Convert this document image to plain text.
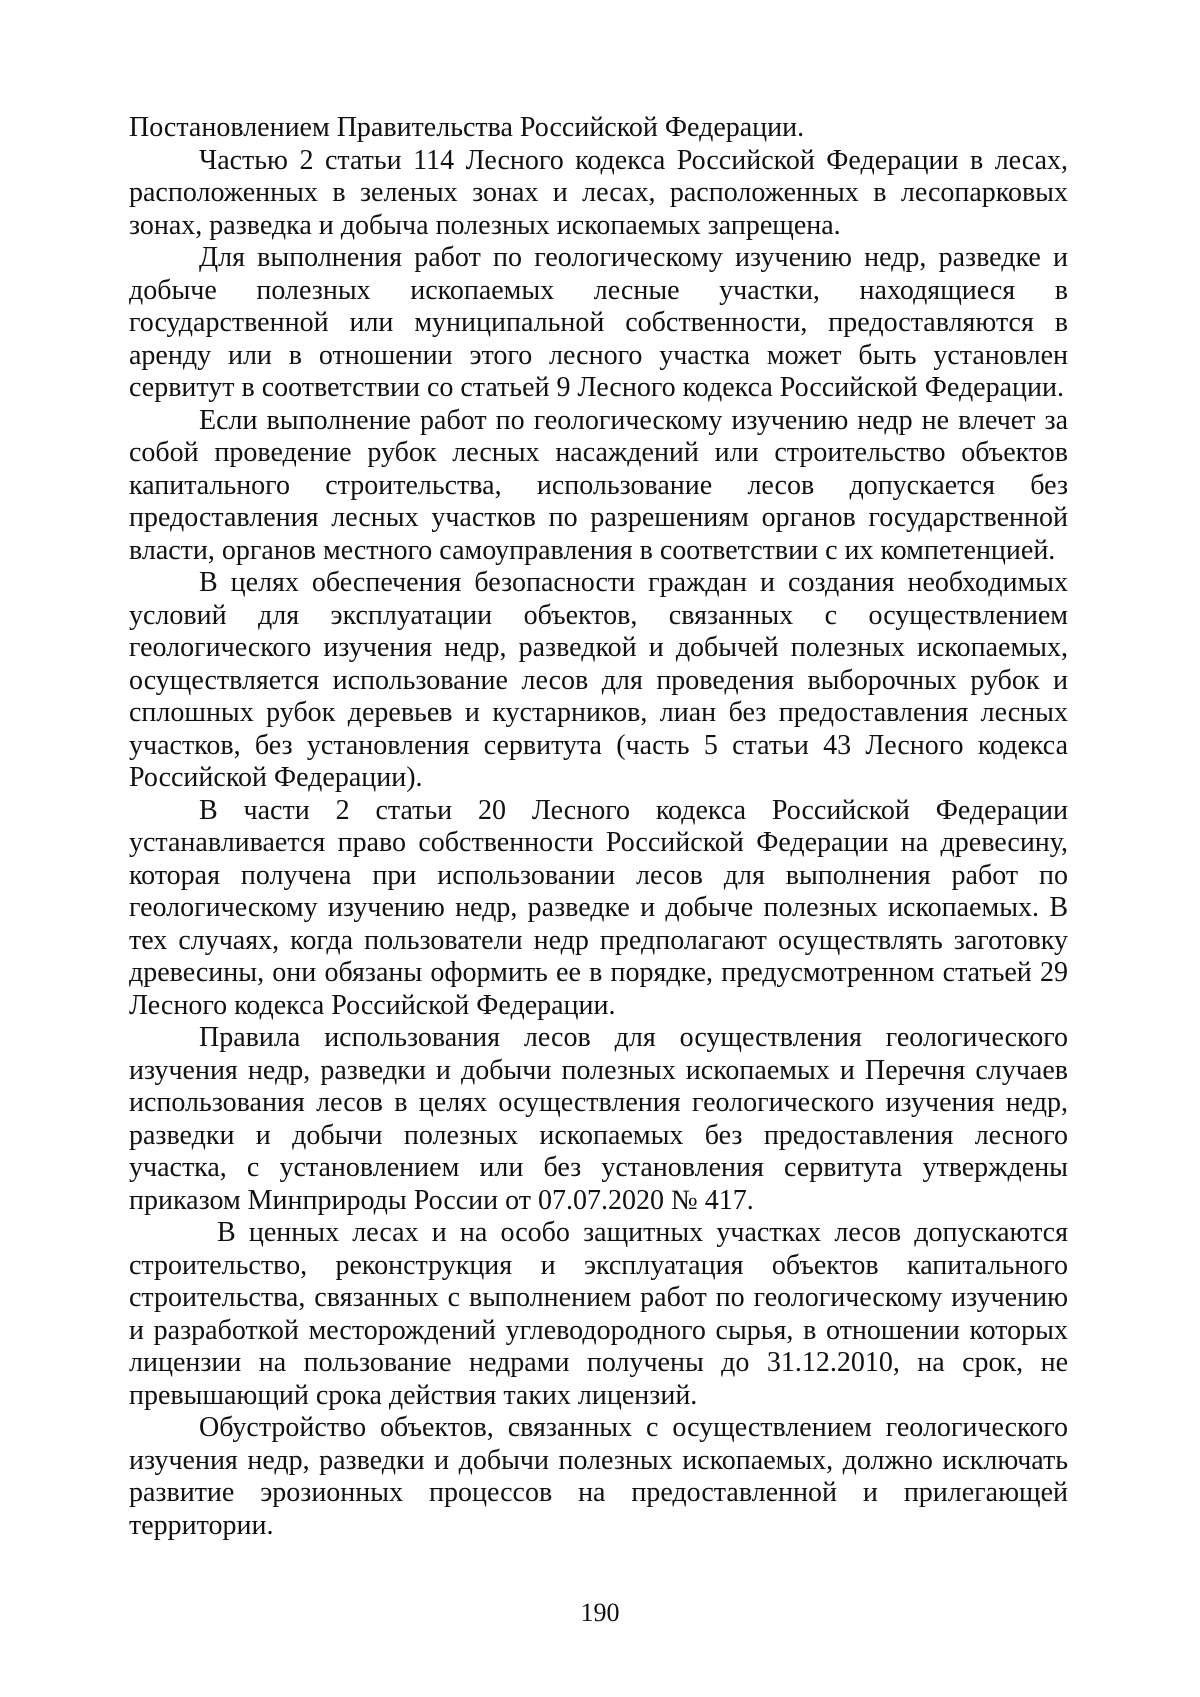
Постановлением Правительства Российской Федерации.

Частью 2 статьи 114 Лесного кодекса Российской Федерации в лесах, расположенных в зеленых зонах и лесах, расположенных в лесопарковых зонах, разведка и добыча полезных ископаемых запрещена.

Для выполнения работ по геологическому изучению недр, разведке и добыче полезных ископаемых лесные участки, находящиеся в государственной или муниципальной собственности, предоставляются в аренду или в отношении этого лесного участка может быть установлен сервитут в соответствии со статьей 9 Лесного кодекса Российской Федерации.

Если выполнение работ по геологическому изучению недр не влечет за собой проведение рубок лесных насаждений или строительство объектов капитального строительства, использование лесов допускается без предоставления лесных участков по разрешениям органов государственной власти, органов местного самоуправления в соответствии с их компетенцией.

В целях обеспечения безопасности граждан и создания необходимых условий для эксплуатации объектов, связанных с осуществлением геологического изучения недр, разведкой и добычей полезных ископаемых, осуществляется использование лесов для проведения выборочных рубок и сплошных рубок деревьев и кустарников, лиан без предоставления лесных участков, без установления сервитута (часть 5 статьи 43 Лесного кодекса Российской Федерации).

В части 2 статьи 20 Лесного кодекса Российской Федерации устанавливается право собственности Российской Федерации на древесину, которая получена при использовании лесов для выполнения работ по геологическому изучению недр, разведке и добыче полезных ископаемых. В тех случаях, когда пользователи недр предполагают осуществлять заготовку древесины, они обязаны оформить ее в порядке, предусмотренном статьей 29 Лесного кодекса Российской Федерации.

Правила использования лесов для осуществления геологического изучения недр, разведки и добычи полезных ископаемых и Перечня случаев использования лесов в целях осуществления геологического изучения недр, разведки и добычи полезных ископаемых без предоставления лесного участка, с установлением или без установления сервитута утверждены приказом Минприроды России от 07.07.2020 № 417.

В ценных лесах и на особо защитных участках лесов допускаются строительство, реконструкция и эксплуатация объектов капитального строительства, связанных с выполнением работ по геологическому изучению и разработкой месторождений углеводородного сырья, в отношении которых лицензии на пользование недрами получены до 31.12.2010, на срок, не превышающий срока действия таких лицензий.

Обустройство объектов, связанных с осуществлением геологического изучения недр, разведки и добычи полезных ископаемых, должно исключать развитие эрозионных процессов на предоставленной и прилегающей территории.

190
